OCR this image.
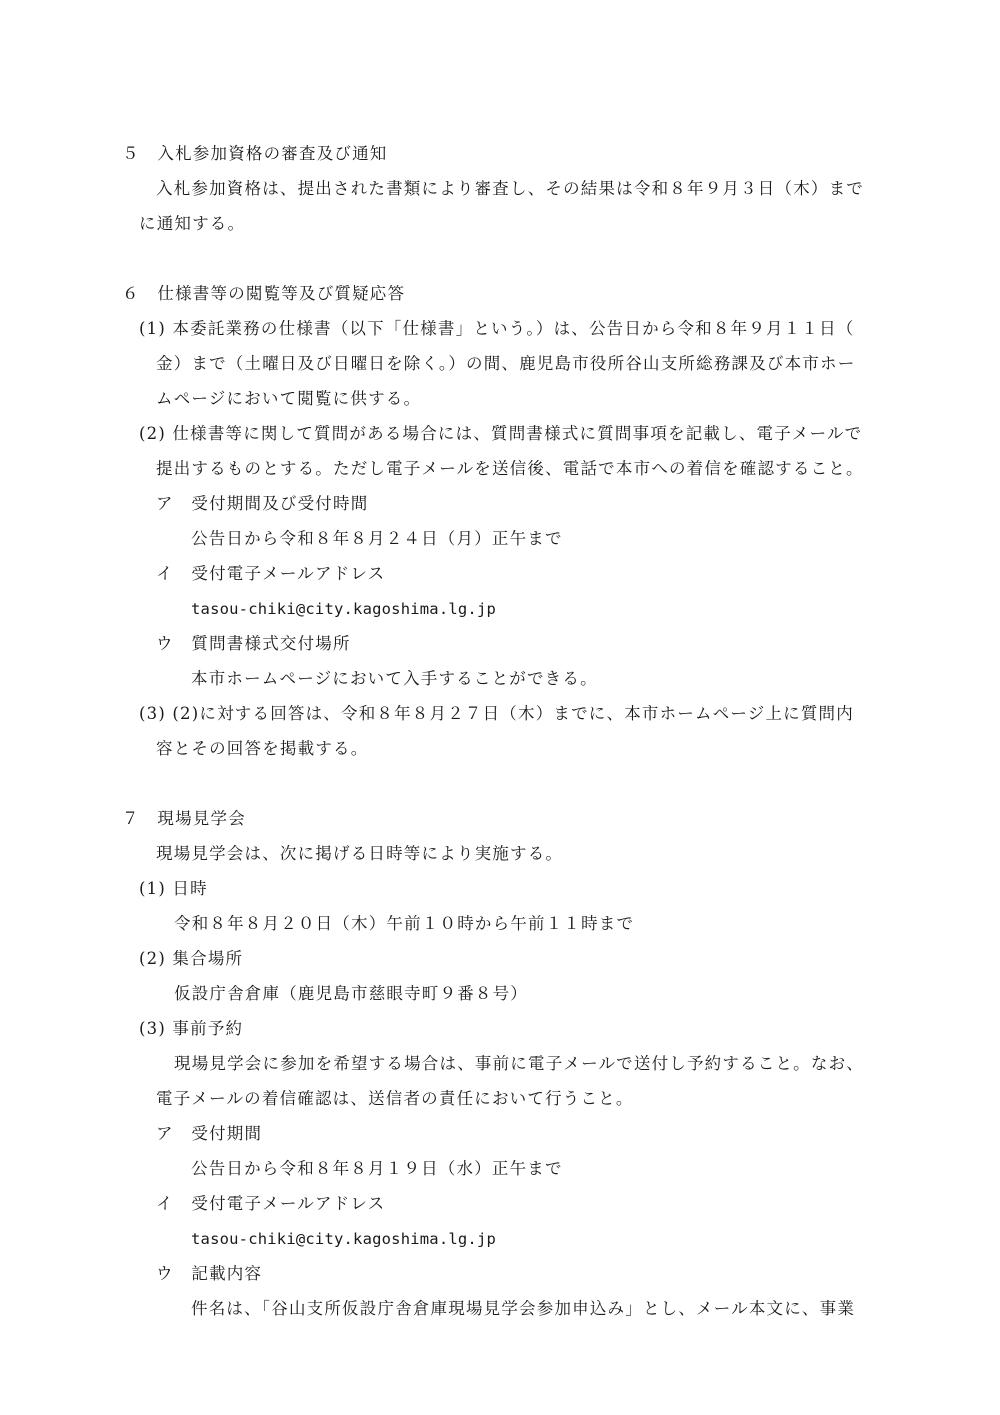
５　入札参加資格の審査及び通知
入札参加資格は、提出された書類により審査し、その結果は令和８年９月３日（木）まで
に通知する。
６　仕様書等の閲覧等及び質疑応答
(1) 本委託業務の仕様書（以下「仕様書」という。）は、公告日から令和８年９月１１日（
金）まで（土曜日及び日曜日を除く。）の間、鹿児島市役所谷山支所総務課及び本市ホー
ムページにおいて閲覧に供する。
(2) 仕様書等に関して質問がある場合には、質問書様式に質問事項を記載し、電子メールで
提出するものとする。ただし電子メールを送信後、電話で本市への着信を確認すること。
ア　受付期間及び受付時間
公告日から令和８年８月２４日（月）正午まで
イ　受付電子メールアドレス
tasou-chiki@city.kagoshima.lg.jp
ウ　質問書様式交付場所
本市ホームページにおいて入手することができる。
(3) (2)に対する回答は、令和８年８月２７日（木）までに、本市ホームページ上に質問内
容とその回答を掲載する。
７　現場見学会
現場見学会は、次に掲げる日時等により実施する。
(1) 日時
令和８年８月２０日（木）午前１０時から午前１１時まで
(2) 集合場所
仮設庁舎倉庫（鹿児島市慈眼寺町９番８号）
(3) 事前予約
現場見学会に参加を希望する場合は、事前に電子メールで送付し予約すること。なお、
電子メールの着信確認は、送信者の責任において行うこと。
ア　受付期間
公告日から令和８年８月１９日（水）正午まで
イ　受付電子メールアドレス
tasou-chiki@city.kagoshima.lg.jp
ウ　記載内容
件名は、「谷山支所仮設庁舎倉庫現場見学会参加申込み」とし、メール本文に、事業
